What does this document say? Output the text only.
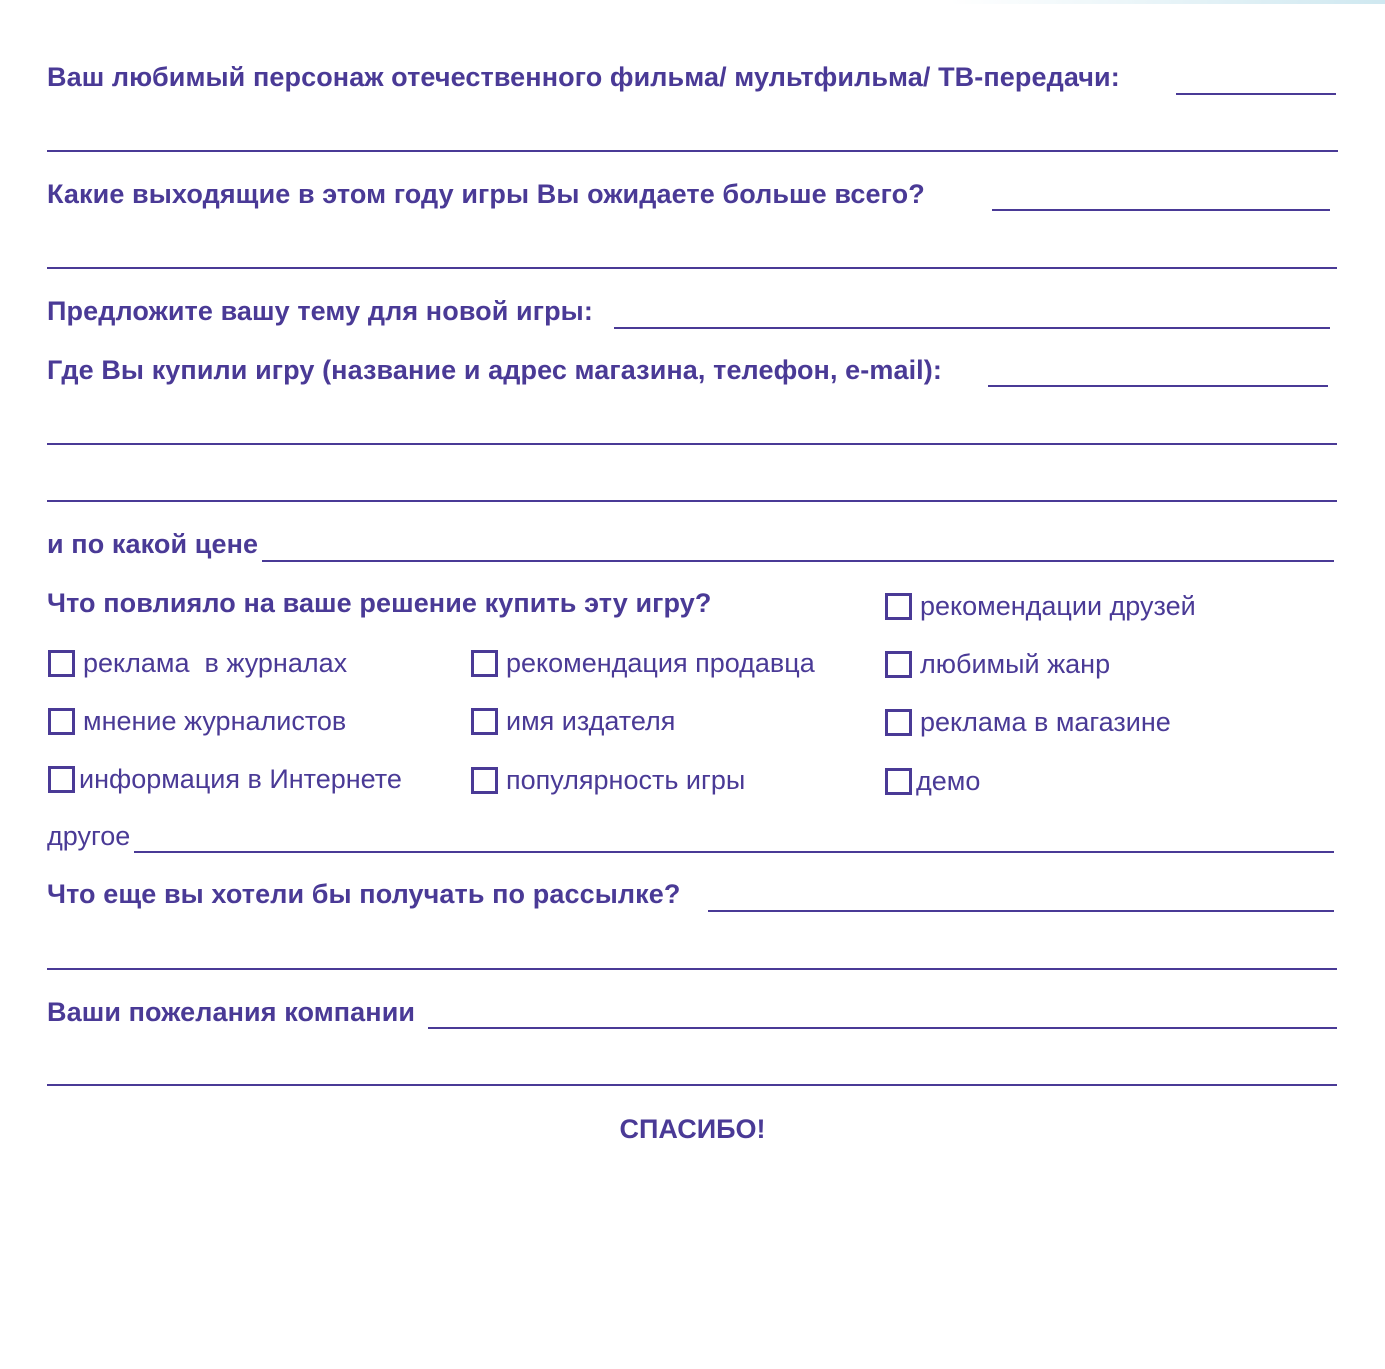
Ваш любимый персонаж отечественного фильма/ мультфильма/ ТВ-передачи:
Какие выходящие в этом году игры Вы ожидаете больше всего?
Предложите вашу тему для новой игры:
Где Вы купили игру (название и адрес магазина, телефон, e-mail):
и по какой цене
Что повлияло на ваше решение купить эту игру?	рекомендации друзей
реклама  в журналах	рекомендация продавца	любимый жанр
мнение журналистов	имя издателя	реклама в магазине
информация в Интернете	популярность игры	демо
другое
Что еще вы хотели бы получать по рассылке?
Ваши пожелания компании
СПАСИБО!
